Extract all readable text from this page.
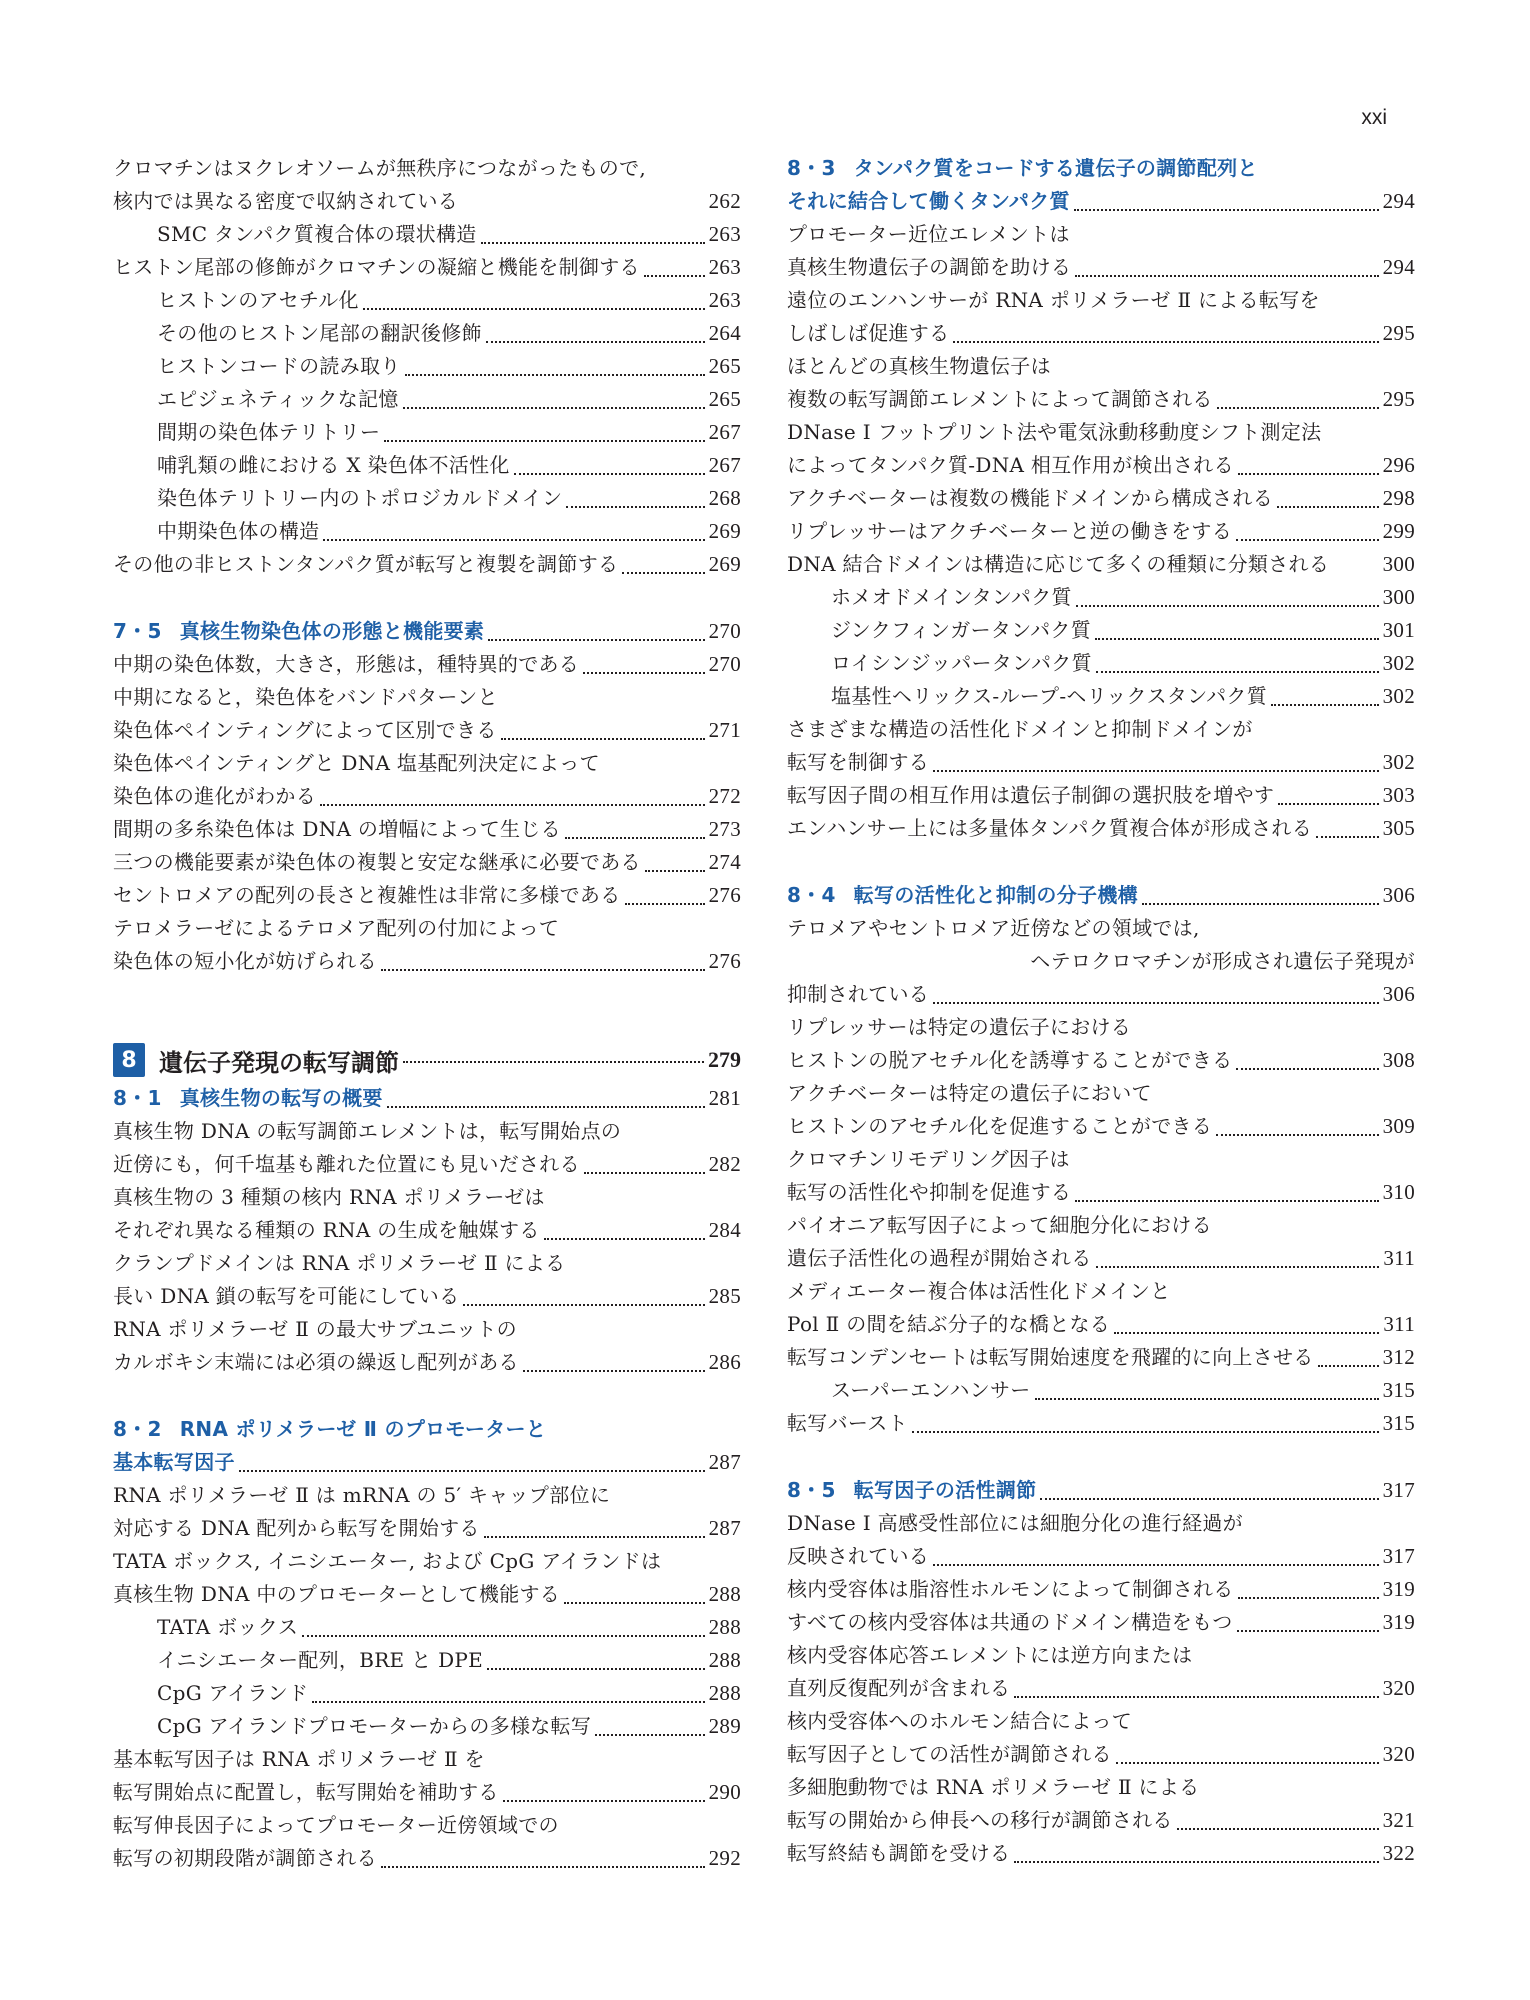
xxi
クロマチンはヌクレオソームが無秩序につながったもので,
核内では異なる密度で収納されている	262
SMC タンパク質複合体の環状構造	263
ヒストン尾部の修飾がクロマチンの凝縮と機能を制御する	263
ヒストンのアセチル化	263
その他のヒストン尾部の翻訳後修飾	264
ヒストンコードの読み取り	265
エピジェネティックな記憶	265
間期の染色体テリトリー	267
哺乳類の雌における X 染色体不活性化	267
染色体テリトリー内のトポロジカルドメイン	268
中期染色体の構造	269
その他の非ヒストンタンパク質が転写と複製を調節する	269
7・5 真核生物染色体の形態と機能要素	270
中期の染色体数，大きさ，形態は，種特異的である	270
中期になると，染色体をバンドパターンと
染色体ペインティングによって区別できる	271
染色体ペインティングと DNA 塩基配列決定によって
染色体の進化がわかる	272
間期の多糸染色体は DNA の増幅によって生じる	273
三つの機能要素が染色体の複製と安定な継承に必要である	274
セントロメアの配列の長さと複雑性は非常に多様である	276
テロメラーゼによるテロメア配列の付加によって
染色体の短小化が妨げられる	276
8 遺伝子発現の転写調節	279
8・1 真核生物の転写の概要	281
真核生物 DNA の転写調節エレメントは，転写開始点の
近傍にも，何千塩基も離れた位置にも見いだされる	282
真核生物の 3 種類の核内 RNA ポリメラーゼは
それぞれ異なる種類の RNA の生成を触媒する	284
クランプドメインは RNA ポリメラーゼ Ⅱ による
長い DNA 鎖の転写を可能にしている	285
RNA ポリメラーゼ Ⅱ の最大サブユニットの
カルボキシ末端には必須の繰返し配列がある	286
8・2 RNA ポリメラーゼ Ⅱ のプロモーターと
基本転写因子	287
RNA ポリメラーゼ Ⅱ は mRNA の 5′ キャップ部位に
対応する DNA 配列から転写を開始する	287
TATA ボックス, イニシエーター, および CpG アイランドは
真核生物 DNA 中のプロモーターとして機能する	288
TATA ボックス	288
イニシエーター配列，BRE と DPE	288
CpG アイランド	288
CpG アイランドプロモーターからの多様な転写	289
基本転写因子は RNA ポリメラーゼ Ⅱ を
転写開始点に配置し，転写開始を補助する	290
転写伸長因子によってプロモーター近傍領域での
転写の初期段階が調節される	292
8・3 タンパク質をコードする遺伝子の調節配列と
それに結合して働くタンパク質	294
プロモーター近位エレメントは
真核生物遺伝子の調節を助ける	294
遠位のエンハンサーが RNA ポリメラーゼ Ⅱ による転写を
しばしば促進する	295
ほとんどの真核生物遺伝子は
複数の転写調節エレメントによって調節される	295
DNase I フットプリント法や電気泳動移動度シフト測定法
によってタンパク質-DNA 相互作用が検出される	296
アクチベーターは複数の機能ドメインから構成される	298
リプレッサーはアクチベーターと逆の働きをする	299
DNA 結合ドメインは構造に応じて多くの種類に分類される	300
ホメオドメインタンパク質	300
ジンクフィンガータンパク質	301
ロイシンジッパータンパク質	302
塩基性ヘリックス-ループ-ヘリックスタンパク質	302
さまざまな構造の活性化ドメインと抑制ドメインが
転写を制御する	302
転写因子間の相互作用は遺伝子制御の選択肢を増やす	303
エンハンサー上には多量体タンパク質複合体が形成される	305
8・4 転写の活性化と抑制の分子機構	306
テロメアやセントロメア近傍などの領域では,
ヘテロクロマチンが形成され遺伝子発現が
抑制されている	306
リプレッサーは特定の遺伝子における
ヒストンの脱アセチル化を誘導することができる	308
アクチベーターは特定の遺伝子において
ヒストンのアセチル化を促進することができる	309
クロマチンリモデリング因子は
転写の活性化や抑制を促進する	310
パイオニア転写因子によって細胞分化における
遺伝子活性化の過程が開始される	311
メディエーター複合体は活性化ドメインと
Pol Ⅱ の間を結ぶ分子的な橋となる	311
転写コンデンセートは転写開始速度を飛躍的に向上させる	312
スーパーエンハンサー	315
転写バースト	315
8・5 転写因子の活性調節	317
DNase I 高感受性部位には細胞分化の進行経過が
反映されている	317
核内受容体は脂溶性ホルモンによって制御される	319
すべての核内受容体は共通のドメイン構造をもつ	319
核内受容体応答エレメントには逆方向または
直列反復配列が含まれる	320
核内受容体へのホルモン結合によって
転写因子としての活性が調節される	320
多細胞動物では RNA ポリメラーゼ Ⅱ による
転写の開始から伸長への移行が調節される	321
転写終結も調節を受ける	322
